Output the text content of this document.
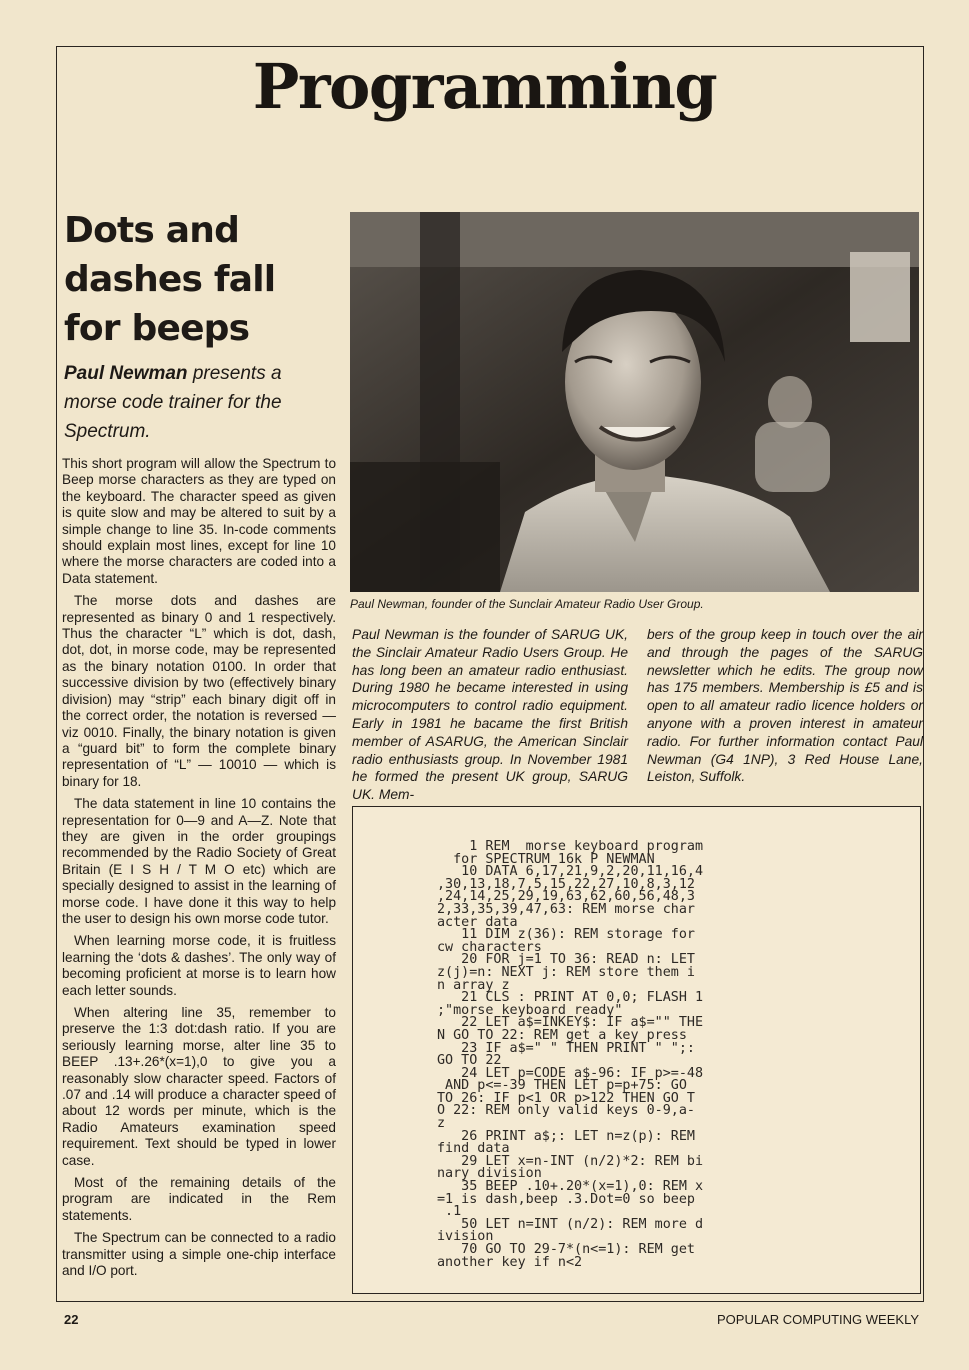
Programming
Dots and
dashes fall
for beeps
Paul Newman presents a morse code trainer for the Spectrum.

This short program will allow the Spectrum to Beep morse characters as they are typed on the keyboard. The character speed as given is quite slow and may be altered to suit by a simple change to line 35. In-code comments should explain most lines, except for line 10 where the morse characters are coded into a Data statement.

The morse dots and dashes are represented as binary 0 and 1 respectively. Thus the character “L” which is dot, dash, dot, dot, in morse code, may be represented as the binary notation 0100. In order that successive division by two (effectively binary division) may “strip” each binary digit off in the correct order, the notation is reversed — viz 0010. Finally, the binary notation is given a “guard bit” to form the complete binary representation of “L” — 10010 — which is binary for 18.

The data statement in line 10 contains the representation for 0—9 and A—Z. Note that they are given in the order groupings recommended by the Radio Society of Great Britain (E I S H / T M O etc) which are specially designed to assist in the learning of morse code. I have done it this way to help the user to design his own morse code tutor.

When learning morse code, it is fruitless learning the ‘dots & dashes’. The only way of becoming proficient at morse is to learn how each letter sounds.

When altering line 35, remember to preserve the 1:3 dot:dash ratio. If you are seriously learning morse, alter line 35 to BEEP .13+.26*(x=1),0 to give you a reasonably slow character speed. Factors of .07 and .14 will produce a character speed of about 12 words per minute, which is the Radio Amateurs examination speed requirement. Text should be typed in lower case.

Most of the remaining details of the program are indicated in the Rem statements.

The Spectrum can be connected to a radio transmitter using a simple one-chip interface and I/O port.

Paul Newman, founder of the Sunclair Amateur Radio User Group.
Paul Newman is the founder of SARUG UK, the Sinclair Amateur Radio Users Group. He has long been an amateur radio enthusiast. During 1980 he became interested in using microcomputers to control radio equipment. Early in 1981 he bacame the first British member of ASARUG, the American Sinclair radio enthusiasts group. In November 1981 he formed the present UK group, SARUG UK. Mem-
bers of the group keep in touch over the air and through the pages of the SARUG newsletter which he edits. The group now has 175 members. Membership is £5 and is open to all amateur radio licence holders or anyone with a proven interest in amateur radio. For further information contact Paul Newman (G4 1NP), 3 Red House Lane, Leiston, Suffolk.
1 REM  morse keyboard program
for SPECTRUM 16k P NEWMAN
10 DATA 6,17,21,9,2,20,11,16,4
,30,13,18,7,5,15,22,27,10,8,3,12
,24,14,25,29,19,63,62,60,56,48,3
2,33,35,39,47,63: REM morse char
acter data
11 DIM z(36): REM storage for
cw characters
20 FOR j=1 TO 36: READ n: LET
z(j)=n: NEXT j: REM store them i
n array z
21 CLS : PRINT AT 0,0; FLASH 1
;"morse keyboard ready"
22 LET a$=INKEY$: IF a$="" THE
N GO TO 22: REM get a key press
23 IF a$=" " THEN PRINT " ";:
GO TO 22
24 LET p=CODE a$-96: IF p>=-48
AND p<=-39 THEN LET p=p+75: GO
TO 26: IF p<1 OR p>122 THEN GO T
O 22: REM only valid keys 0-9,a-
z
26 PRINT a$;: LET n=z(p): REM
find data
29 LET x=n-INT (n/2)*2: REM bi
nary division
35 BEEP .10+.20*(x=1),0: REM x
=1 is dash,beep .3.Dot=0 so beep
.1
50 LET n=INT (n/2): REM more d
ivision
70 GO TO 29-7*(n<=1): REM get
another key if n<2
22	POPULAR COMPUTING WEEKLY
